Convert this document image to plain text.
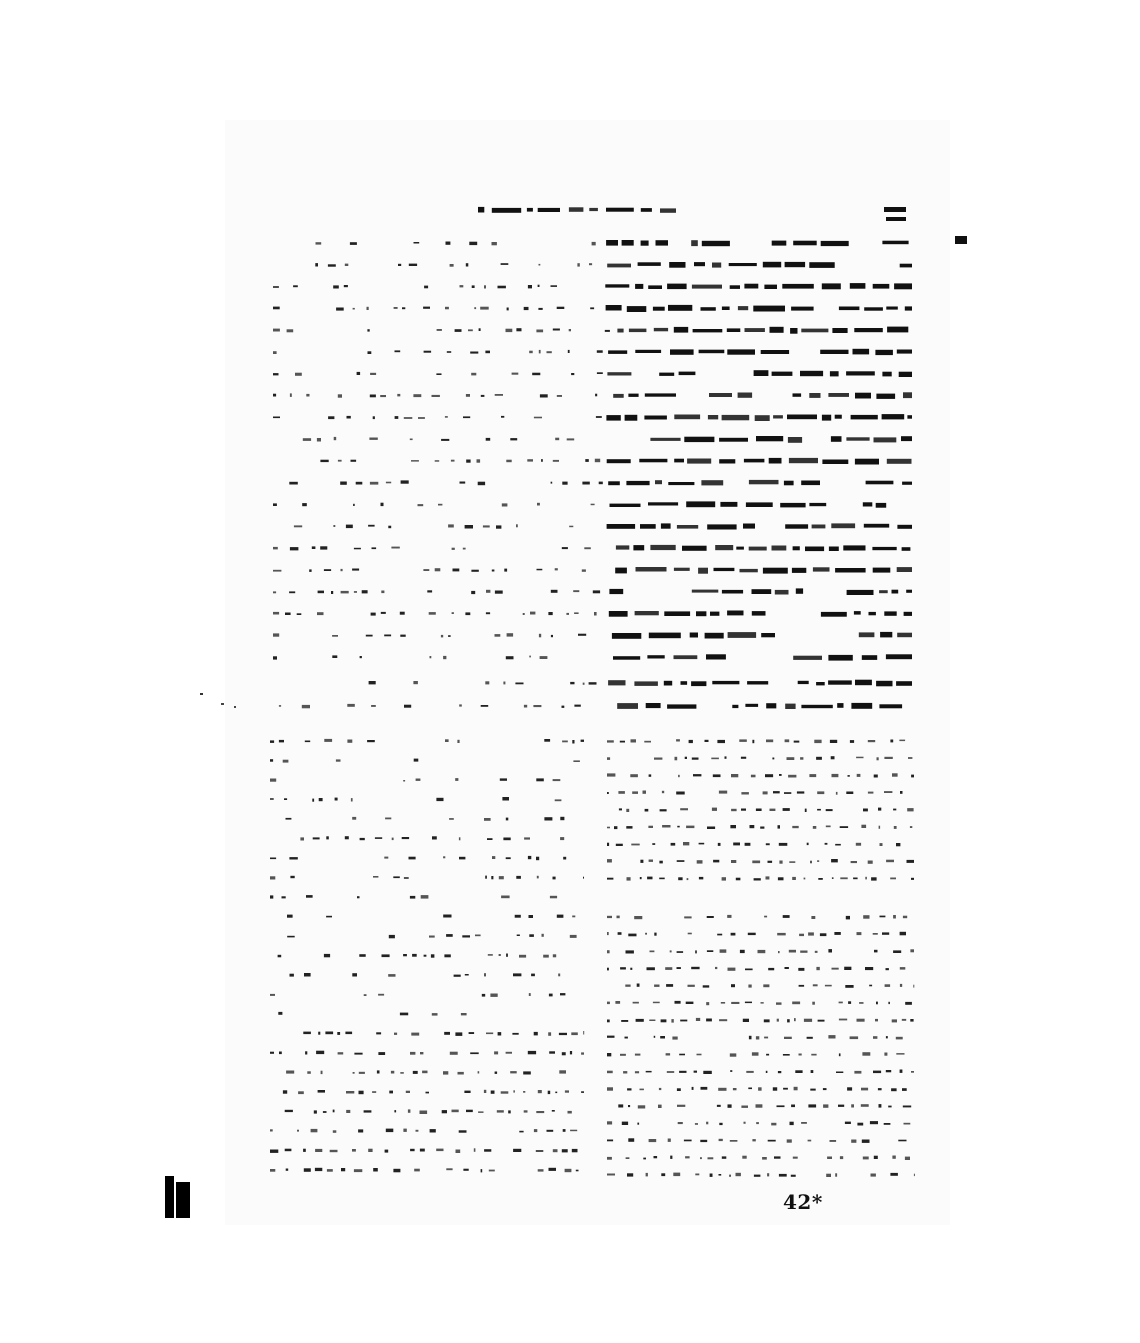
42*
